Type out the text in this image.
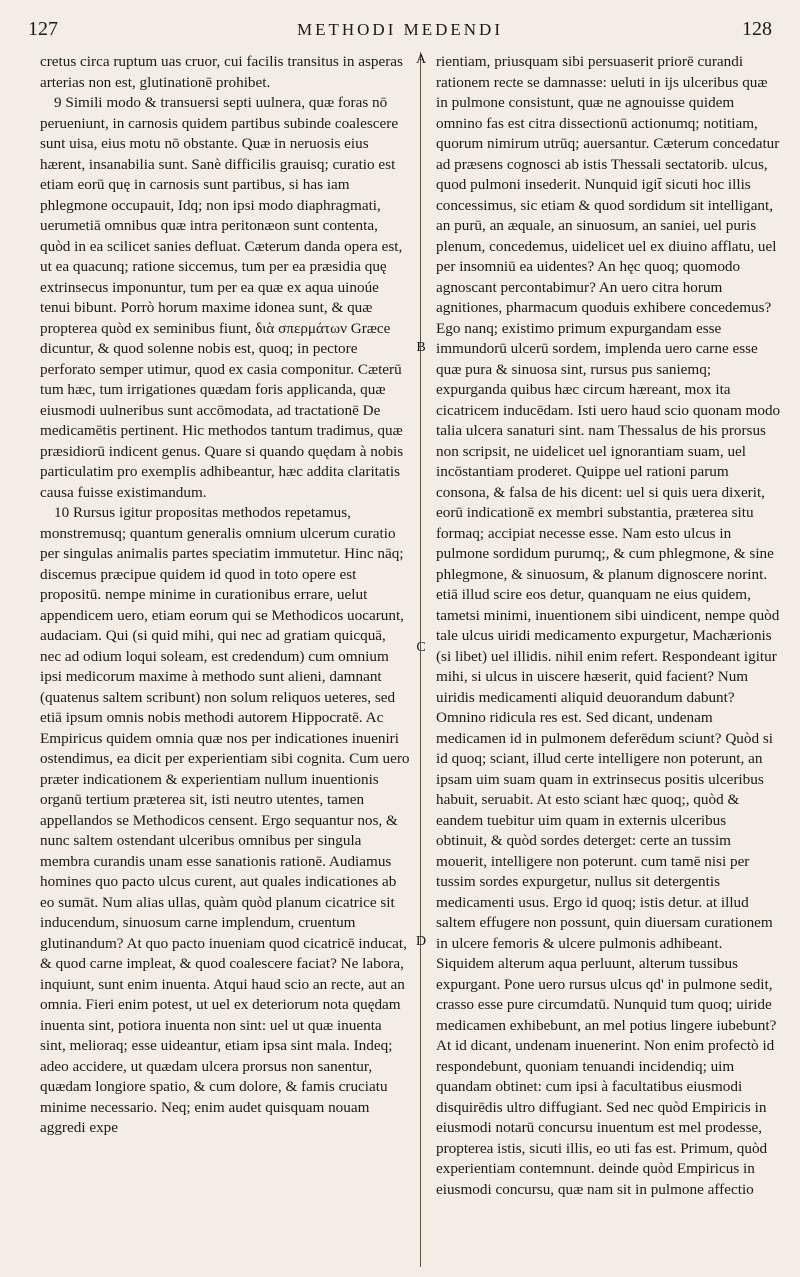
127	METHODI MEDENDI	128
A
B
C
D

cretus circa ruptum uas cruor, cui facilis transitus in asperas arterias non est, glutinationē prohibet.

9 Simili modo & transuersi septi uulnera, quæ foras nō perueniunt, in carnosis quidem partibus subinde coalescere sunt uisa, eius motu nō obstante. Quæ in neruosis eius hærent, insanabilia sunt. Sanè difficilis grauisq; curatio est etiam eorū quę in carnosis sunt partibus, si has iam phlegmone occupauit, Idq; non ipsi modo diaphragmati, uerumetiā omnibus quæ intra peritonæon sunt contenta, quòd in ea scilicet sanies defluat. Cæterum danda opera est, ut ea quacunq; ratione siccemus, tum per ea præsidia quę extrinsecus imponuntur, tum per ea quæ ex aqua uinoúe tenui bibunt. Porrò horum maxime idonea sunt, & quæ propterea quòd ex seminibus fiunt, διὰ σπερμάτων Græce dicuntur, & quod solenne nobis est, quoq; in pectore perforato semper utimur, quod ex casia componitur. Cæterū tum hæc, tum irrigationes quædam foris applicanda, quæ eiusmodi uulneribus sunt accōmodata, ad tractationē De medicamētis pertinent. Hic methodos tantum tradimus, quæ præsidiorū indicent genus. Quare si quando quędam à nobis particulatim pro exemplis adhibeantur, hæc addita claritatis causa fuisse existimandum.

10 Rursus igitur propositas methodos repetamus, monstremusq; quantum generalis omnium ulcerum curatio per singulas animalis partes speciatim immutetur. Hinc nāq; discemus præcipue quidem id quod in toto opere est propositū. nempe minime in curationibus errare, uelut appendicem uero, etiam eorum qui se Methodicos uocarunt, audaciam. Qui (si quid mihi, qui nec ad gratiam quicquā, nec ad odium loqui soleam, est credendum) cum omnium ipsi medicorum maxime à methodo sunt alieni, damnant (quatenus saltem scribunt) non solum reliquos ueteres, sed etiā ipsum omnis nobis methodi autorem Hippocratē. Ac Empiricus quidem omnia quæ nos per indicationes inueniri ostendimus, ea dicit per experientiam sibi cognita. Cum uero præter indicationem & experientiam nullum inuentionis organū tertium præterea sit, isti neutro utentes, tamen appellandos se Methodicos censent. Ergo sequantur nos, & nunc saltem ostendant ulceribus omnibus per singula membra curandis unam esse sanationis rationē. Audiamus homines quo pacto ulcus curent, aut quales indicationes ab eo sumāt. Num alias ullas, quàm quòd planum cicatrice sit inducendum, sinuosum carne implendum, cruentum glutinandum? At quo pacto inueniam quod cicatricē inducat, & quod carne impleat, & quod coalescere faciat? Ne labora, inquiunt, sunt enim inuenta. Atqui haud scio an recte, aut an omnia. Fieri enim potest, ut uel ex deteriorum nota quędam inuenta sint, potiora inuenta non sint: uel ut quæ inuenta sint, melioraq; esse uideantur, etiam ipsa sint mala. Indeq; adeo accidere, ut quædam ulcera prorsus non sanentur, quædam longiore spatio, & cum dolore, & famis cruciatu minime necessario. Neq; enim audet quisquam nouam aggredi expe

rientiam, priusquam sibi persuaserit priorē curandi rationem recte se damnasse: ueluti in ijs ulceribus quæ in pulmone consistunt, quæ ne agnouisse quidem omnino fas est citra dissectionū actionumq; notitiam, quorum nimirum utrūq; auersantur. Cæterum concedatur ad præsens cognosci ab istis Thessali sectatorib. ulcus, quod pulmoni insederit. Nunquid igit̄ sicuti hoc illis concessimus, sic etiam & quod sordidum sit intelligant, an purū, an æquale, an sinuosum, an saniei, uel puris plenum, concedemus, uidelicet uel ex diuino afflatu, uel per insomniū ea uidentes? An hęc quoq; quomodo agnoscant percontabimur? An uero citra horum agnitiones, pharmacum quoduis exhibere concedemus? Ego nanq; existimo primum expurgandam esse immundorū ulcerū sordem, implenda uero carne esse quæ pura & sinuosa sint, rursus pus saniemq; expurganda quibus hæc circum hæreant, mox ita cicatricem inducēdam. Isti uero haud scio quonam modo talia ulcera sanaturi sint. nam Thessalus de his prorsus non scripsit, ne uidelicet uel ignorantiam suam, uel incōstantiam proderet. Quippe uel rationi parum consona, & falsa de his dicent: uel si quis uera dixerit, eorū indicationē ex membri substantia, præterea situ formaq; accipiat necesse esse. Nam esto ulcus in pulmone sordidum purumq;, & cum phlegmone, & sine phlegmone, & sinuosum, & planum dignoscere norint. etiā illud scire eos detur, quanquam ne eius quidem, tametsi minimi, inuentionem sibi uindicent, nempe quòd tale ulcus uiridi medicamento expurgetur, Machærionis (si libet) uel illidis. nihil enim refert. Respondeant igitur mihi, si ulcus in uiscere hæserit, quid facient? Num uiridis medicamenti aliquid deuorandum dabunt? Omnino ridicula res est. Sed dicant, undenam medicamen id in pulmonem deferēdum sciunt? Quòd si id quoq; sciant, illud certe intelligere non poterunt, an ipsam uim suam quam in extrinsecus positis ulceribus habuit, seruabit. At esto sciant hæc quoq;, quòd & eandem tuebitur uim quam in externis ulceribus obtinuit, & quòd sordes deterget: certe an tussim mouerit, intelligere non poterunt. cum tamē nisi per tussim sordes expurgetur, nullus sit detergentis medicamenti usus. Ergo id quoq; istis detur. at illud saltem effugere non possunt, quin diuersam curationem in ulcere femoris & ulcere pulmonis adhibeant. Siquidem alterum aqua perluunt, alterum tussibus expurgant. Pone uero rursus ulcus qd' in pulmone sedit, crasso esse pure circumdatū. Nunquid tum quoq; uiride medicamen exhibebunt, an mel potius lingere iubebunt? At id dicant, undenam inuenerint. Non enim profectò id respondebunt, quoniam tenuandi incidendiq; uim quandam obtinet: cum ipsi à facultatibus eiusmodi disquirēdis ultro diffugiant. Sed nec quòd Empiricis in eiusmodi notarū concursu inuentum est mel prodesse, propterea istis, sicuti illis, eo uti fas est. Primum, quòd experientiam contemnunt. deinde quòd Empiricus in eiusmodi concursu, quæ nam sit in pulmone affectio
